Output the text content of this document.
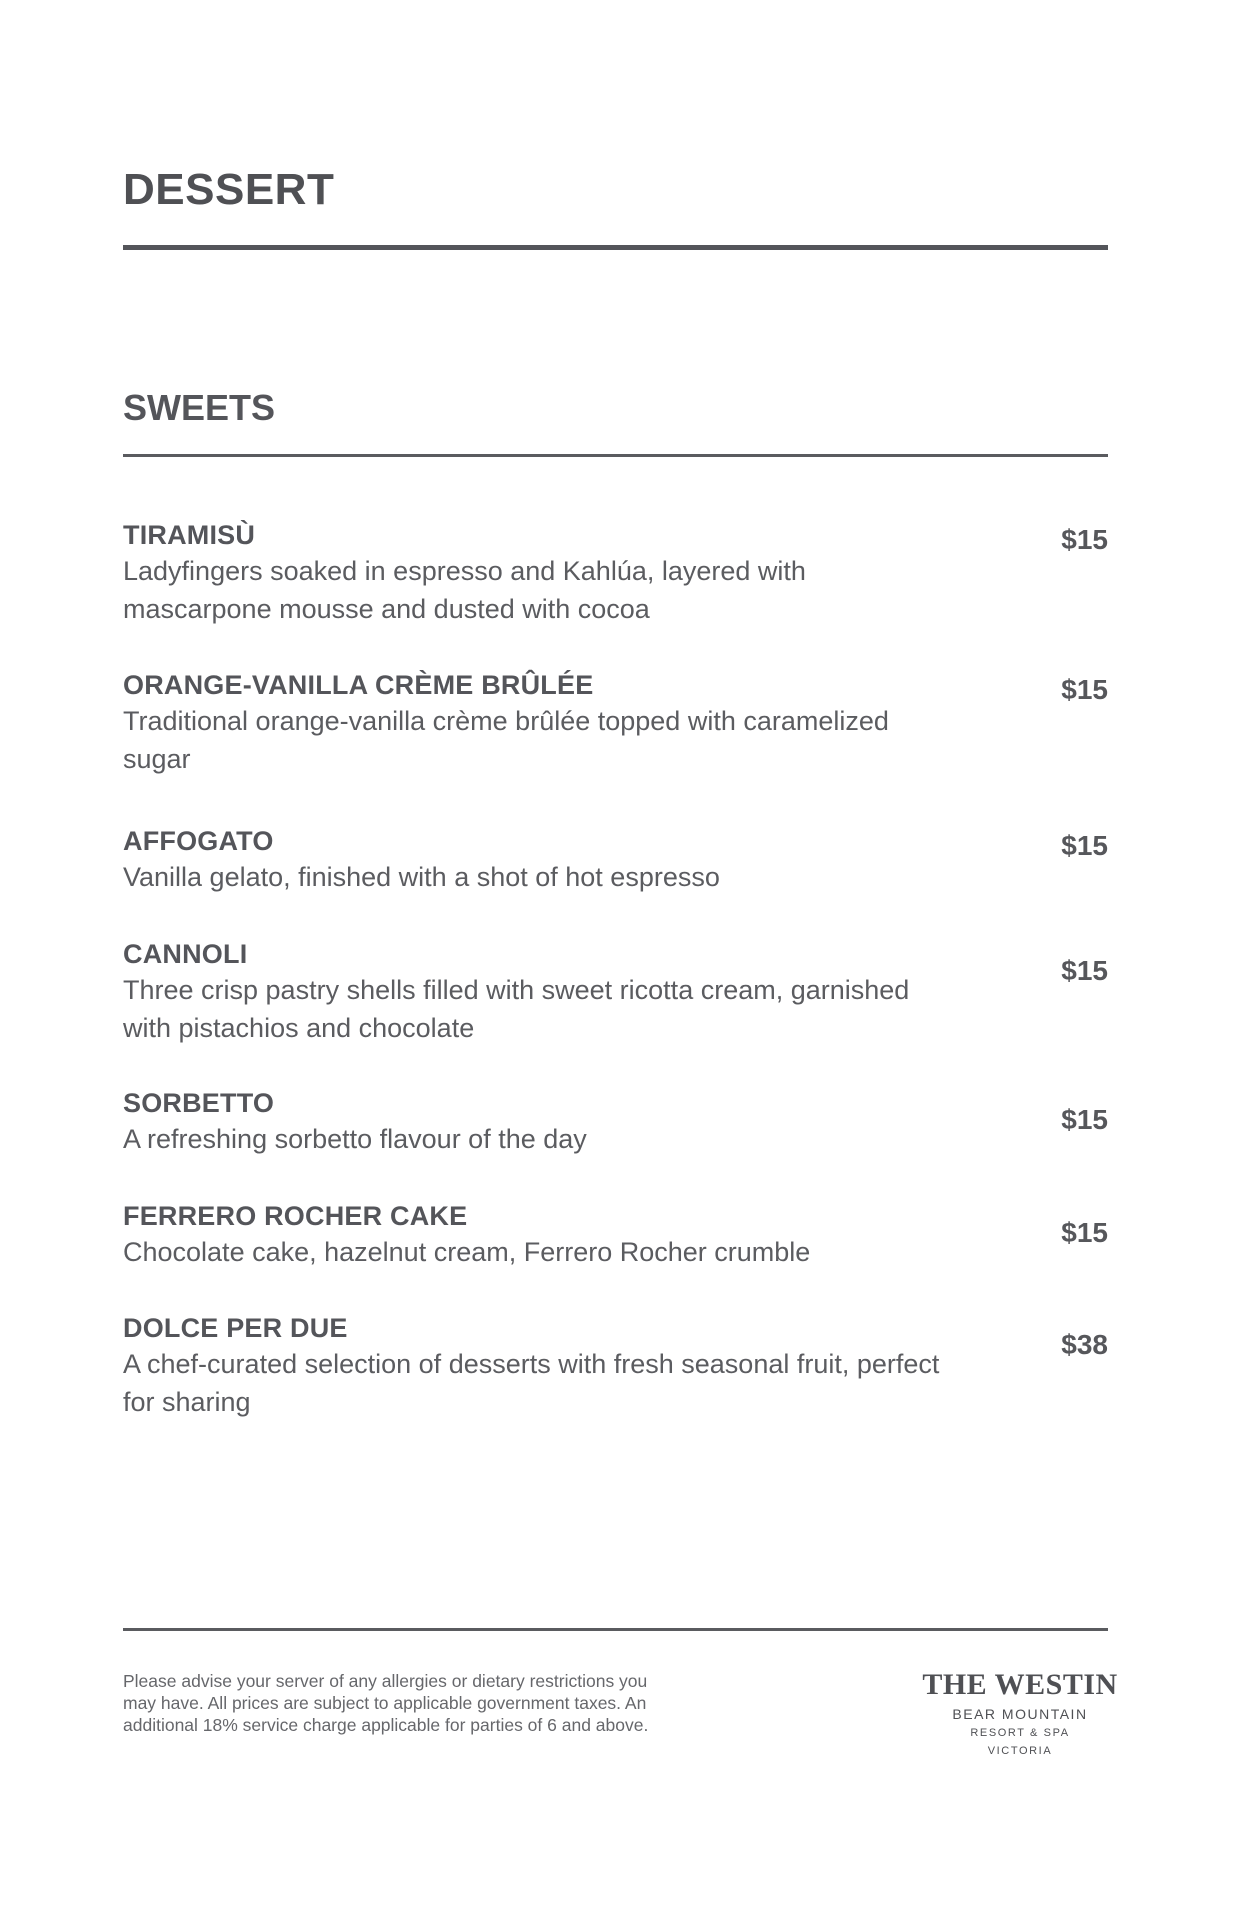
DESSERT
SWEETS
TIRAMISÙ
Ladyfingers soaked in espresso and Kahlúa, layered with mascarpone mousse and dusted with cocoa
$15
ORANGE-VANILLA CRÈME BRÛLÉE
Traditional orange-vanilla crème brûlée topped with caramelized sugar
$15
AFFOGATO
Vanilla gelato, finished with a shot of hot espresso
$15
CANNOLI
Three crisp pastry shells filled with sweet ricotta cream, garnished with pistachios and chocolate
$15
SORBETTO
A refreshing sorbetto flavour of the day
$15
FERRERO ROCHER CAKE
Chocolate cake, hazelnut cream, Ferrero Rocher crumble
$15
DOLCE PER DUE
A chef-curated selection of desserts with fresh seasonal fruit, perfect for sharing
$38
Please advise your server of any allergies or dietary restrictions you may have. All prices are subject to applicable government taxes. An additional 18% service charge applicable for parties of 6 and above.
THE WESTIN
BEAR MOUNTAIN
RESORT & SPA
VICTORIA
